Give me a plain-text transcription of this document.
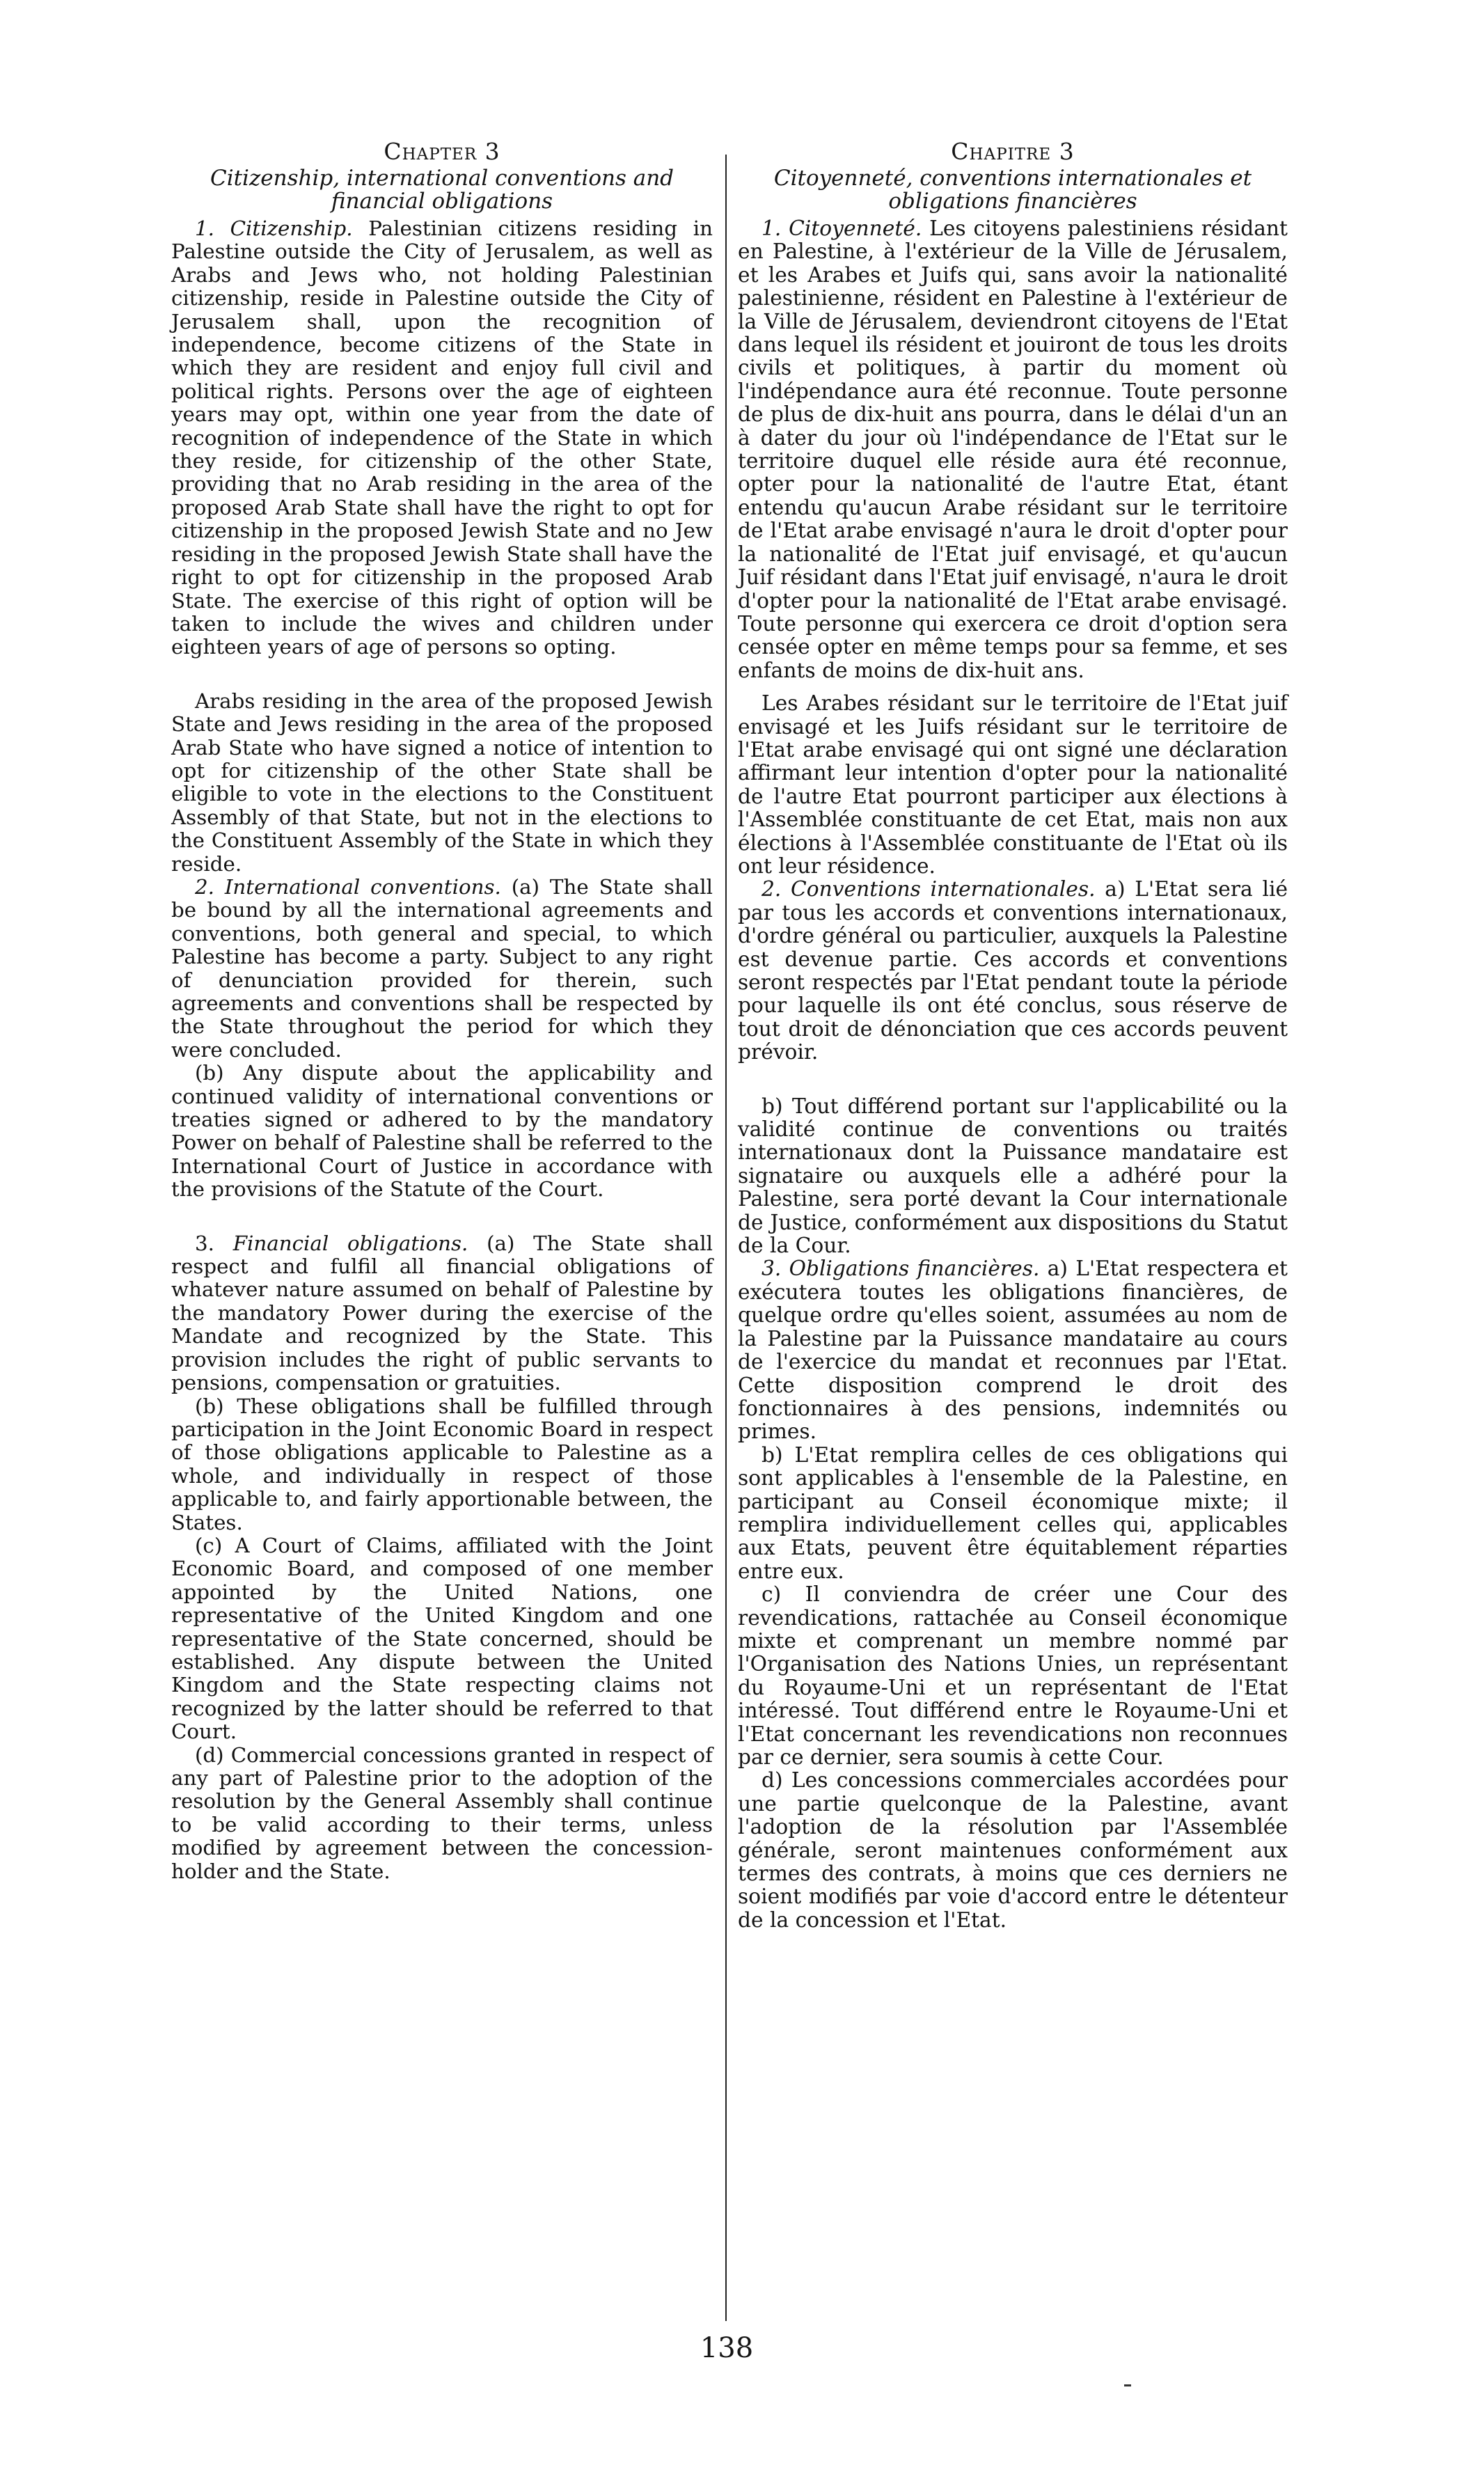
Chapter 3
Citizenship, international conventions and financial obligations

1. Citizenship. Palestinian citizens residing in Palestine outside the City of Jerusalem, as well as Arabs and Jews who, not holding Palestinian citizenship, reside in Palestine outside the City of Jerusalem shall, upon the recognition of independence, become citizens of the State in which they are resident and enjoy full civil and political rights. Persons over the age of eighteen years may opt, within one year from the date of recognition of independence of the State in which they reside, for citizenship of the other State, providing that no Arab residing in the area of the proposed Arab State shall have the right to opt for citizenship in the proposed Jewish State and no Jew residing in the proposed Jewish State shall have the right to opt for citizenship in the proposed Arab State. The exercise of this right of option will be taken to include the wives and children under eighteen years of age of persons so opting.

Arabs residing in the area of the proposed Jewish State and Jews residing in the area of the proposed Arab State who have signed a notice of intention to opt for citizenship of the other State shall be eligible to vote in the elections to the Constituent Assembly of that State, but not in the elections to the Constituent Assembly of the State in which they reside.

2. International conventions. (a) The State shall be bound by all the international agreements and conventions, both general and special, to which Palestine has become a party. Subject to any right of denunciation provided for therein, such agreements and conventions shall be respected by the State throughout the period for which they were concluded.

(b) Any dispute about the applicability and continued validity of international conventions or treaties signed or adhered to by the mandatory Power on behalf of Palestine shall be referred to the International Court of Justice in accordance with the provisions of the Statute of the Court.

3. Financial obligations. (a) The State shall respect and fulfil all financial obligations of whatever nature assumed on behalf of Palestine by the mandatory Power during the exercise of the Mandate and recognized by the State. This provision includes the right of public servants to pensions, compensation or gratuities.

(b) These obligations shall be fulfilled through participation in the Joint Economic Board in respect of those obligations applicable to Palestine as a whole, and individually in respect of those applicable to, and fairly apportionable between, the States.

(c) A Court of Claims, affiliated with the Joint Economic Board, and composed of one member appointed by the United Nations, one representative of the United Kingdom and one representative of the State concerned, should be established. Any dispute between the United Kingdom and the State respecting claims not recognized by the latter should be referred to that Court.

(d) Commercial concessions granted in respect of any part of Palestine prior to the adoption of the resolution by the General Assembly shall continue to be valid according to their terms, unless modified by agreement between the concession-holder and the State.

Chapitre 3
Citoyenneté, conventions internationales et obligations financières

1. Citoyenneté. Les citoyens palestiniens résidant en Palestine, à l'extérieur de la Ville de Jérusalem, et les Arabes et Juifs qui, sans avoir la nationalité palestinienne, résident en Palestine à l'extérieur de la Ville de Jérusalem, deviendront citoyens de l'Etat dans lequel ils résident et jouiront de tous les droits civils et politiques, à partir du moment où l'indépendance aura été reconnue. Toute personne de plus de dix-huit ans pourra, dans le délai d'un an à dater du jour où l'indépendance de l'Etat sur le territoire duquel elle réside aura été reconnue, opter pour la nationalité de l'autre Etat, étant entendu qu'aucun Arabe résidant sur le territoire de l'Etat arabe envisagé n'aura le droit d'opter pour la nationalité de l'Etat juif envisagé, et qu'aucun Juif résidant dans l'Etat juif envisagé, n'aura le droit d'opter pour la nationalité de l'Etat arabe envisagé. Toute personne qui exercera ce droit d'option sera censée opter en même temps pour sa femme, et ses enfants de moins de dix-huit ans.

Les Arabes résidant sur le territoire de l'Etat juif envisagé et les Juifs résidant sur le territoire de l'Etat arabe envisagé qui ont signé une déclaration affirmant leur intention d'opter pour la nationalité de l'autre Etat pourront participer aux élections à l'Assemblée constituante de cet Etat, mais non aux élections à l'Assemblée constituante de l'Etat où ils ont leur résidence.

2. Conventions internationales. a) L'Etat sera lié par tous les accords et conventions internationaux, d'ordre général ou particulier, auxquels la Palestine est devenue partie. Ces accords et conventions seront respectés par l'Etat pendant toute la période pour laquelle ils ont été conclus, sous réserve de tout droit de dénonciation que ces accords peuvent prévoir.

b) Tout différend portant sur l'applicabilité ou la validité continue de conventions ou traités internationaux dont la Puissance mandataire est signataire ou auxquels elle a adhéré pour la Palestine, sera porté devant la Cour internationale de Justice, conformément aux dispositions du Statut de la Cour.

3. Obligations financières. a) L'Etat respectera et exécutera toutes les obligations financières, de quelque ordre qu'elles soient, assumées au nom de la Palestine par la Puissance mandataire au cours de l'exercice du mandat et reconnues par l'Etat. Cette disposition comprend le droit des fonctionnaires à des pensions, indemnités ou primes.

b) L'Etat remplira celles de ces obligations qui sont applicables à l'ensemble de la Palestine, en participant au Conseil économique mixte; il remplira individuellement celles qui, applicables aux Etats, peuvent être équitablement réparties entre eux.

c) Il conviendra de créer une Cour des revendications, rattachée au Conseil économique mixte et comprenant un membre nommé par l'Organisation des Nations Unies, un représentant du Royaume-Uni et un représentant de l'Etat intéressé. Tout différend entre le Royaume-Uni et l'Etat concernant les revendications non reconnues par ce dernier, sera soumis à cette Cour.

d) Les concessions commerciales accordées pour une partie quelconque de la Palestine, avant l'adoption de la résolution par l'Assemblée générale, seront maintenues conformément aux termes des contrats, à moins que ces derniers ne soient modifiés par voie d'accord entre le détenteur de la concession et l'Etat.

138
